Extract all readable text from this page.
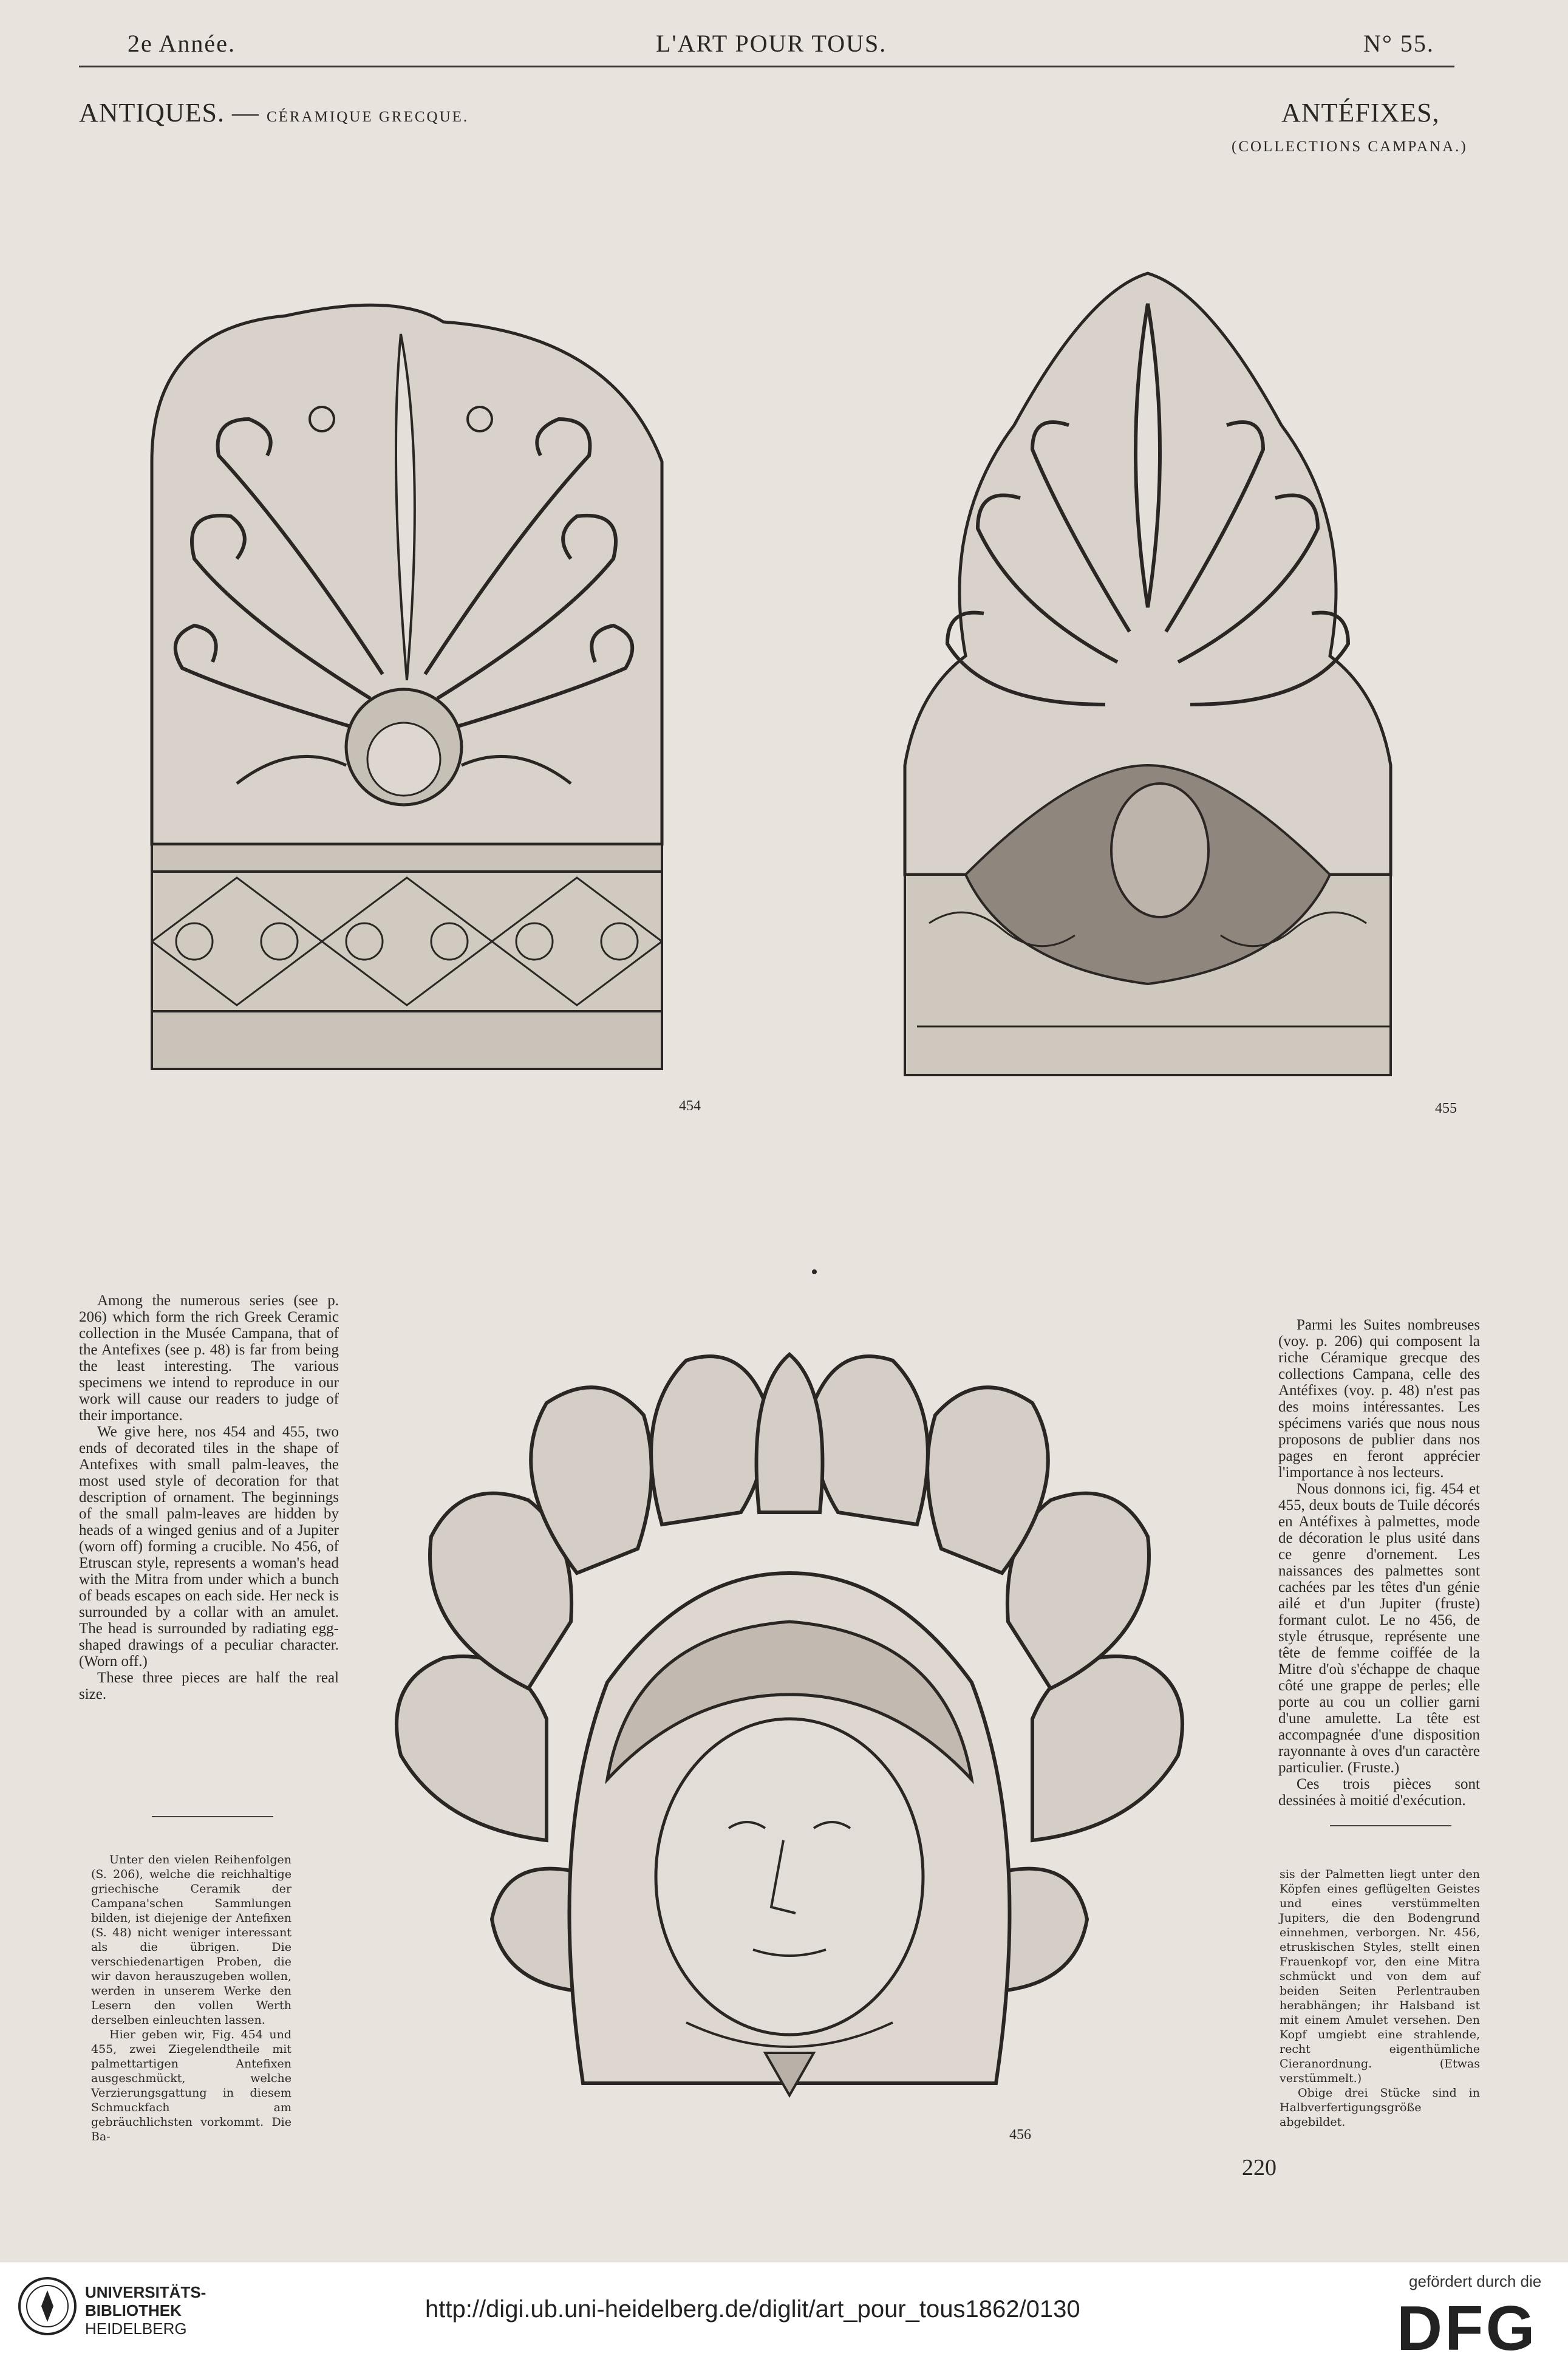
2e Année.	L'ART POUR TOUS.	N° 55.
ANTIQUES. — CÉRAMIQUE GRECQUE.	ANTÉFIXES,
(COLLECTIONS CAMPANA.)
454	455
456

Among the numerous series (see p. 206) which form the rich Greek Ceramic collection in the Musée Campana, that of the Antefixes (see p. 48) is far from being the least interesting. The various specimens we intend to reproduce in our work will cause our readers to judge of their importance.

We give here, nos 454 and 455, two ends of decorated tiles in the shape of Antefixes with small palm-leaves, the most used style of decoration for that description of ornament. The beginnings of the small palm-leaves are hidden by heads of a winged genius and of a Jupiter (worn off) forming a crucible. No 456, of Etruscan style, represents a woman's head with the Mitra from under which a bunch of beads escapes on each side. Her neck is surrounded by a collar with an amulet. The head is surrounded by radiating egg-shaped drawings of a peculiar character. (Worn off.)

These three pieces are half the real size.

Parmi les Suites nombreuses (voy. p. 206) qui composent la riche Céramique grecque des collections Campana, celle des Antéfixes (voy. p. 48) n'est pas des moins intéressantes. Les spécimens variés que nous nous proposons de publier dans nos pages en feront apprécier l'importance à nos lecteurs.

Nous donnons ici, fig. 454 et 455, deux bouts de Tuile décorés en Antéfixes à palmettes, mode de décoration le plus usité dans ce genre d'ornement. Les naissances des palmettes sont cachées par les têtes d'un génie ailé et d'un Jupiter (fruste) formant culot. Le no 456, de style étrusque, représente une tête de femme coiffée de la Mitre d'où s'échappe de chaque côté une grappe de perles; elle porte au cou un collier garni d'une amulette. La tête est accompagnée d'une disposition rayonnante à oves d'un caractère particulier. (Fruste.)

Ces trois pièces sont dessinées à moitié d'exécution.

Unter den vielen Reihenfolgen (S. 206), welche die reichhaltige griechische Ceramik der Campana'schen Sammlungen bilden, ist diejenige der Antefixen (S. 48) nicht weniger interessant als die übrigen. Die verschiedenartigen Proben, die wir davon herauszugeben wollen, werden in unserem Werke den Lesern den vollen Werth derselben einleuchten lassen.

Hier geben wir, Fig. 454 und 455, zwei Ziegelendtheile mit palmettartigen Antefixen ausgeschmückt, welche Verzierungsgattung in diesem Schmuckfach am gebräuchlichsten vorkommt. Die Ba-

sis der Palmetten liegt unter den Köpfen eines geflügelten Geistes und eines verstümmelten Jupiters, die den Bodengrund einnehmen, verborgen. Nr. 456, etruskischen Styles, stellt einen Frauenkopf vor, den eine Mitra schmückt und von dem auf beiden Seiten Perlentrauben herabhängen; ihr Halsband ist mit einem Amulet versehen. Den Kopf umgiebt eine strahlende, recht eigenthümliche Cieranordnung. (Etwas verstümmelt.)

Obige drei Stücke sind in Halbverfertigungsgröße abgebildet.

220
UNIVERSITÄTS-
BIBLIOTHEK
HEIDELBERG
http://digi.ub.uni-heidelberg.de/diglit/art_pour_tous1862/0130
gefördert durch die
DFG
